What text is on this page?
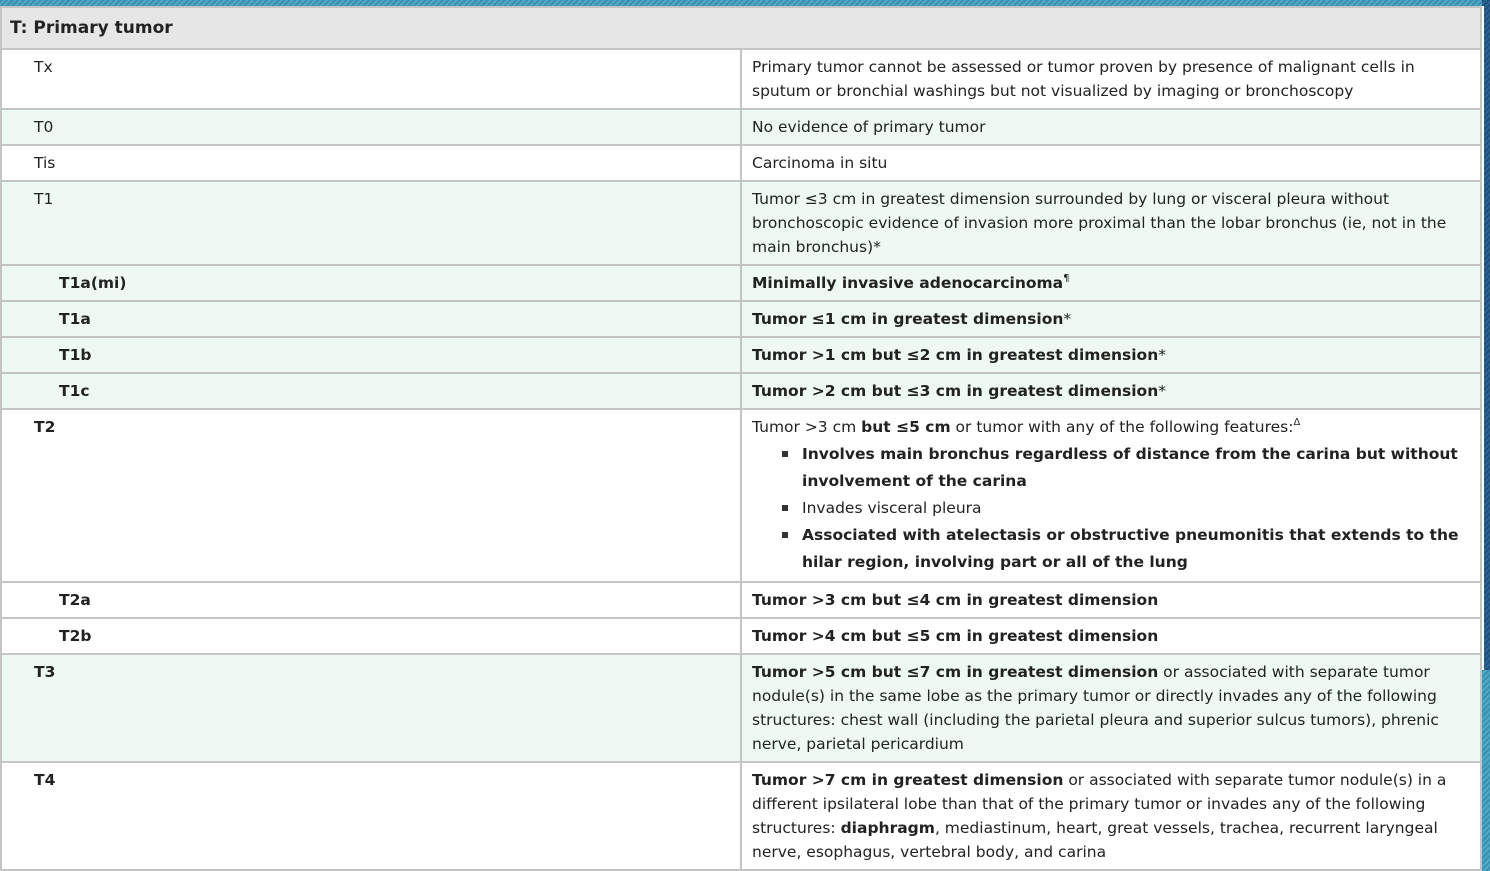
T: Primary tumor	
Tx	Primary tumor cannot be assessed or tumor proven by presence of malignant cells in sputum or bronchial washings but not visualized by imaging or bronchoscopy
T0	No evidence of primary tumor
Tis	Carcinoma in situ
T1	Tumor ≤3 cm in greatest dimension surrounded by lung or visceral pleura without bronchoscopic evidence of invasion more proximal than the lobar bronchus (ie, not in the main bronchus)*
T1a(mi)	Minimally invasive adenocarcinoma¶
T1a	Tumor ≤1 cm in greatest dimension*
T1b	Tumor >1 cm but ≤2 cm in greatest dimension*
T1c	Tumor >2 cm but ≤3 cm in greatest dimension*
T2	Tumor >3 cm but ≤5 cm or tumor with any of the following features:$^\Delta$
Involves main bronchus regardless of distance from the carina but without involvement of the carina
Invades visceral pleura
Associated with atelectasis or obstructive pneumonitis that extends to the hilar region, involving part or all of the lung

T2a	Tumor >3 cm but ≤4 cm in greatest dimension
T2b	Tumor >4 cm but ≤5 cm in greatest dimension
T3	Tumor >5 cm but ≤7 cm in greatest dimension or associated with separate tumor nodule(s) in the same lobe as the primary tumor or directly invades any of the following structures: chest wall (including the parietal pleura and superior sulcus tumors), phrenic nerve, parietal pericardium
T4	Tumor >7 cm in greatest dimension or associated with separate tumor nodule(s) in a different ipsilateral lobe than that of the primary tumor or invades any of the following structures: diaphragm, mediastinum, heart, great vessels, trachea, recurrent laryngeal nerve, esophagus, vertebral body, and carina
